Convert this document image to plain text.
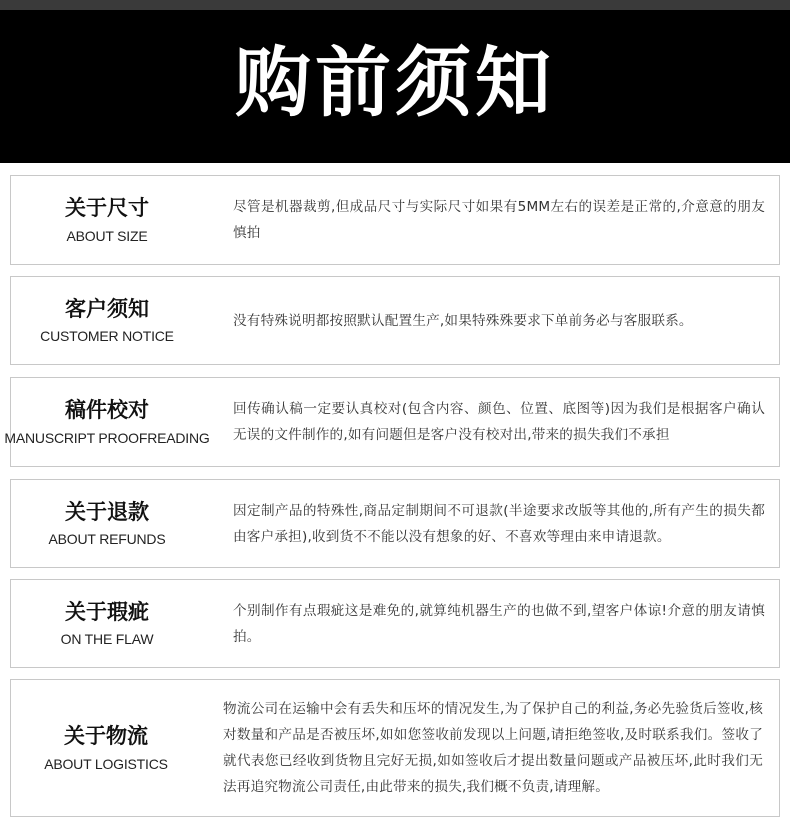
购前须知
关于尺寸
ABOUT SIZE

尽管是机器裁剪,但成品尺寸与实际尺寸如果有5MM左右的误差是正常的,介意意的朋友慎拍

客户须知
CUSTOMER NOTICE

没有特殊说明都按照默认配置生产,如果特殊殊要求下单前务必与客服联系。

稿件校对
MANUSCRIPT PROOFREADING

回传确认稿一定要认真校对(包含内容、颜色、位置、底图等)因为我们是根据客户确认无误的文件制作的,如有问题但是客户没有校对出,带来的损失我们不承担

关于退款
ABOUT REFUNDS

因定制产品的特殊性,商品定制期间不可退款(半途要求改版等其他的,所有产生的损失都由客户承担),收到货不不能以没有想象的好、不喜欢等理由来申请退款。

关于瑕疵
ON THE FLAW

个别制作有点瑕疵这是难免的,就算纯机器生产的也做不到,望客户体谅!介意的朋友请慎拍。

关于物流
ABOUT LOGISTICS

物流公司在运输中会有丢失和压坏的情况发生,为了保护自己的利益,务必先验货后签收,核对数量和产品是否被压坏,如如您签收前发现以上问题,请拒绝签收,及时联系我们。签收了就代表您已经收到货物且完好无损,如如签收后才提出数量问题或产品被压坏,此时我们无法再追究物流公司责任,由此带来的损失,我们概不负责,请理解。
